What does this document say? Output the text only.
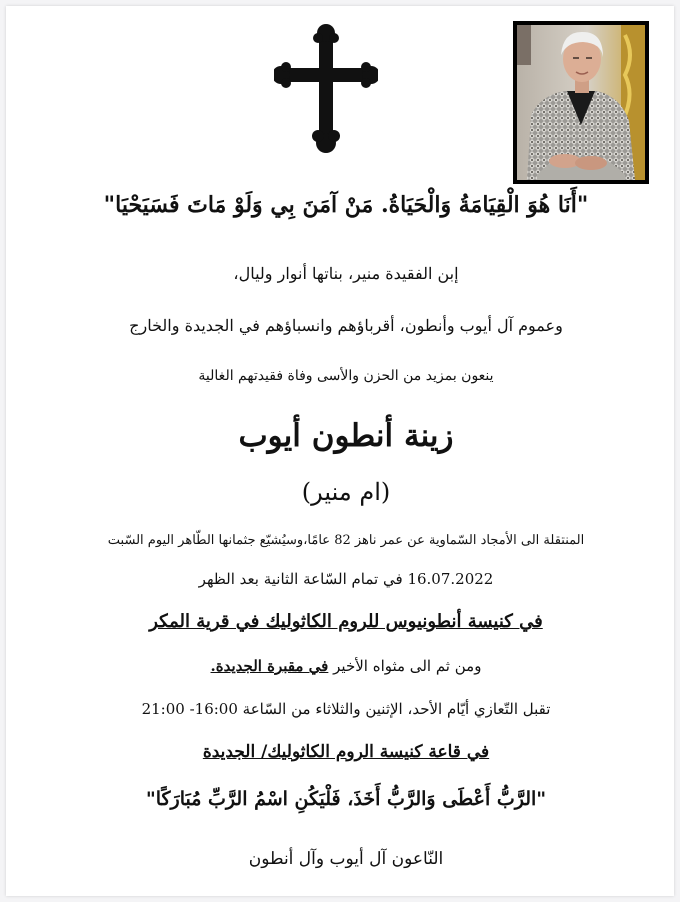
"أَنَا هُوَ الْقِيَامَةُ وَالْحَيَاةُ. مَنْ آمَنَ بِي وَلَوْ مَاتَ فَسَيَحْيَا"
إبن الفقيدة منير، بناتها أنوار وليال،
وعموم آل أيوب وأنطون، أقرباؤهم وانسباؤهم في الجديدة والخارج
ينعون بمزيد من الحزن والأسى وفاة فقيدتهم الغالية
زينة أنطون أيوب
(ام منير)
المنتقلة الى الأمجاد السّماوية عن عمر ناهز 82 عامًا،وسيُشيّع جثمانها الطّاهر اليوم السّبت
16.07.2022 في تمام السّاعة الثانية بعد الظهر
في كنيسة أنطونيوس للروم الكاثوليك في قرية المكر
ومن ثم الى مثواه الأخير في مقبرة الجديدة.
تقبل التّعازي أيّام الأحد، الإثنين والثلاثاء من السّاعة 16:00- 21:00
في قاعة كنيسة الروم الكاثوليك/ الجديدة
"الرَّبُّ أَعْطَى وَالرَّبُّ أَخَذَ، فَلْيَكُنِ اسْمُ الرَّبِّ مُبَارَكًا"
النّاعون آل أيوب وآل أنطون
